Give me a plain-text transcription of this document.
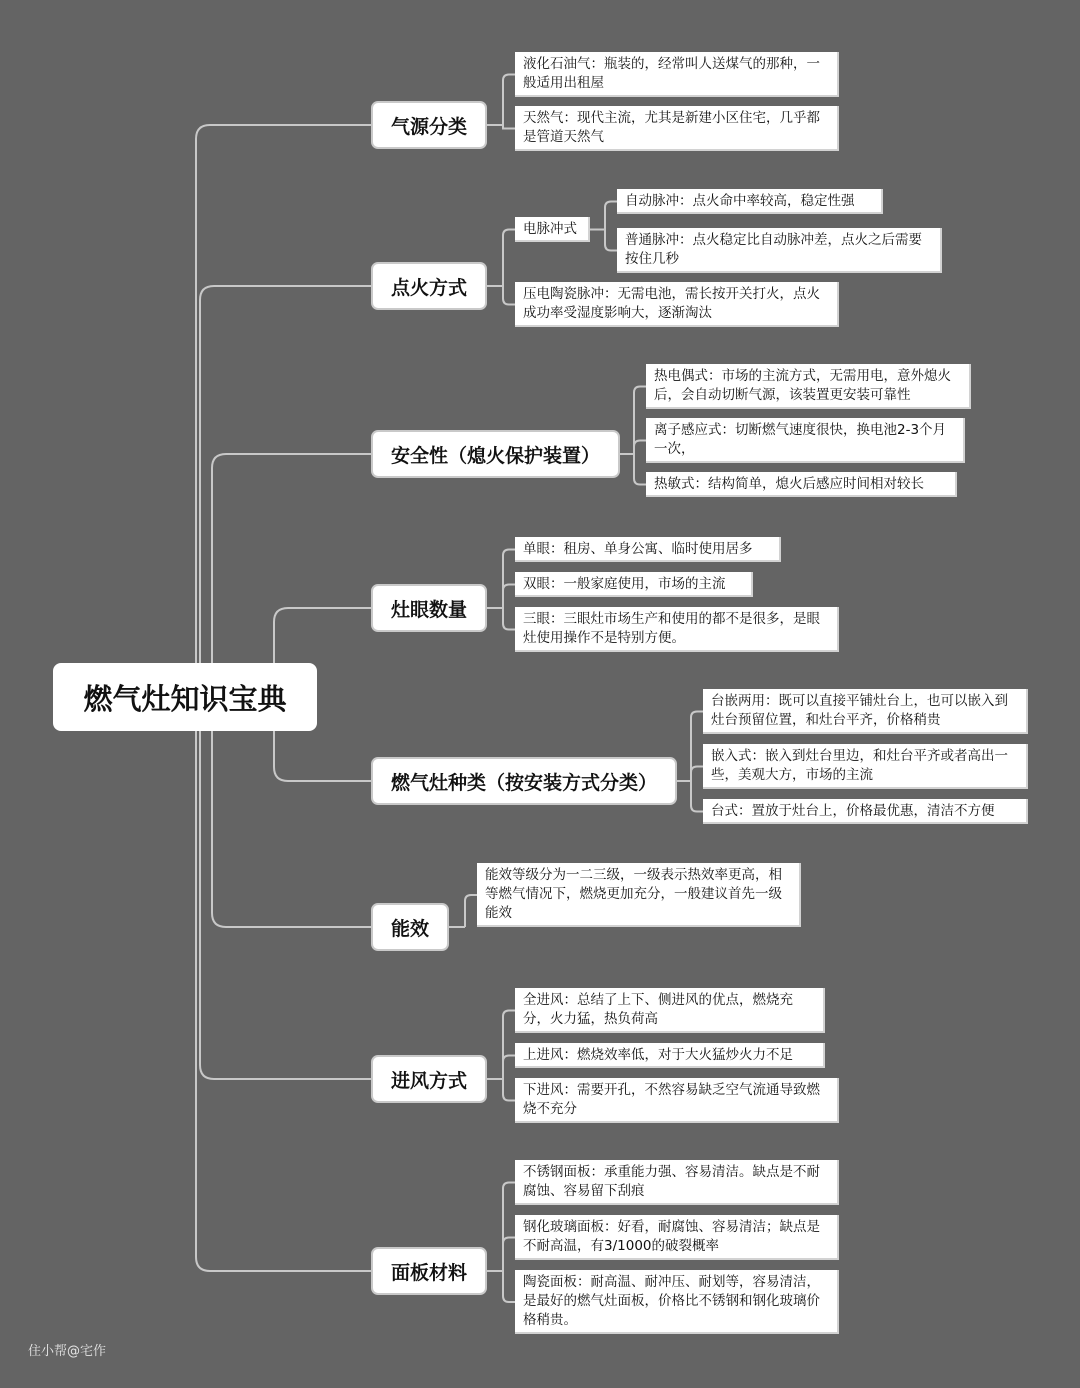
燃气灶知识宝典
气源分类
液化石油气：瓶装的，经常叫人送煤气的那种，一般适用出租屋
天然气：现代主流，尤其是新建小区住宅，几乎都是管道天然气
点火方式
电脉冲式
自动脉冲：点火命中率较高，稳定性强
普通脉冲：点火稳定比自动脉冲差，点火之后需要按住几秒
压电陶瓷脉冲：无需电池，需长按开关打火，点火成功率受湿度影响大，逐渐淘汰
安全性（熄火保护装置）
热电偶式：市场的主流方式，无需用电，意外熄火后，会自动切断气源，该装置更安装可靠性
离子感应式：切断燃气速度很快，换电池2-3个月一次，
热敏式：结构简单，熄火后感应时间相对较长
灶眼数量
单眼：租房、单身公寓、临时使用居多
双眼：一般家庭使用，市场的主流
三眼：三眼灶市场生产和使用的都不是很多，是眼灶使用操作不是特别方便。
燃气灶种类（按安装方式分类）
台嵌两用：既可以直接平铺灶台上，也可以嵌入到灶台预留位置，和灶台平齐，价格稍贵
嵌入式：嵌入到灶台里边，和灶台平齐或者高出一些，美观大方，市场的主流
台式：置放于灶台上，价格最优惠，清洁不方便
能效
能效等级分为一二三级，一级表示热效率更高，相等燃气情况下，燃烧更加充分，一般建议首先一级能效
进风方式
全进风：总结了上下、侧进风的优点，燃烧充分，火力猛，热负荷高
上进风：燃烧效率低，对于大火猛炒火力不足
下进风：需要开孔，不然容易缺乏空气流通导致燃烧不充分
面板材料
不锈钢面板：承重能力强、容易清洁。缺点是不耐腐蚀、容易留下刮痕
钢化玻璃面板：好看，耐腐蚀、容易清洁；缺点是不耐高温，有3/1000的破裂概率
陶瓷面板：耐高温、耐冲压、耐划等，容易清洁，是最好的燃气灶面板，价格比不锈钢和钢化玻璃价格稍贵。
住小帮@宅作
